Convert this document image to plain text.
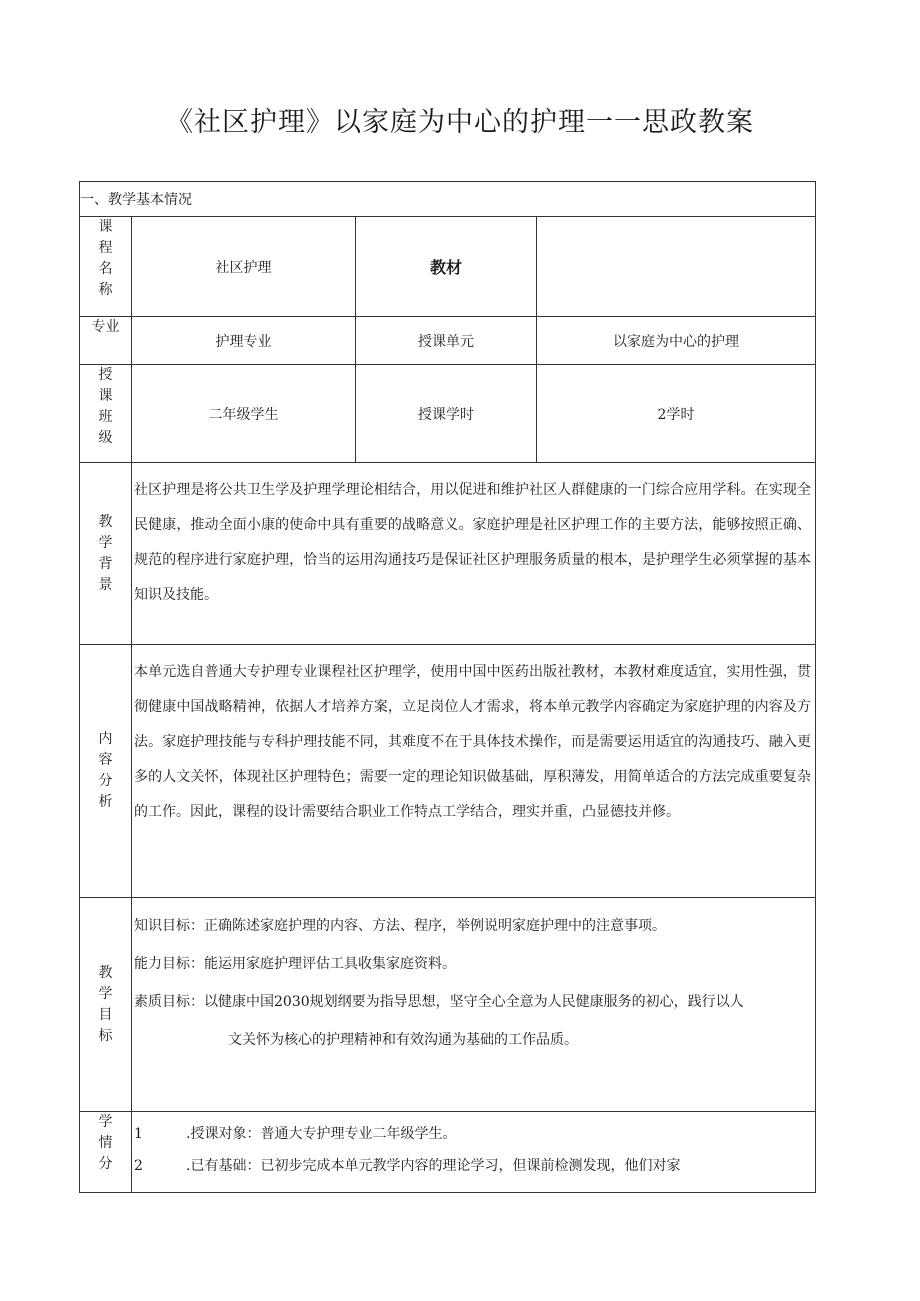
《社区护理》以家庭为中心的护理一一思政教案
一、教学基本情况			

课程名称	社区护理	教材	
专业	护理专业	授课单元	以家庭为中心的护理

授课班级	二年级学生	授课学时	2学时

教学背景	社区护理是将公共卫生学及护理学理论相结合，用以促进和维护社区人群健康的一门综合应用学科。在实现全民健康，推动全面小康的使命中具有重要的战略意义。家庭护理是社区护理工作的主要方法，能够按照正确、规范的程序进行家庭护理，恰当的运用沟通技巧是保证社区护理服务质量的根本，是护理学生必须掌握的基本知识及技能。		

内容分析	本单元选自普通大专护理专业课程社区护理学，使用中国中医药出版社教材，本教材难度适宜，实用性强，贯彻健康中国战略精神，依据人才培养方案，立足岗位人才需求，将本单元教学内容确定为家庭护理的内容及方法。家庭护理技能与专科护理技能不同，其难度不在于具体技术操作，而是需要运用适宜的沟通技巧、融入更多的人文关怀，体现社区护理特色；需要一定的理论知识做基础，厚积薄发，用简单适合的方法完成重要复杂的工作。因此，课程的设计需要结合职业工作特点工学结合，理实并重，凸显德技并修。		

教学目标	知识目标：正确陈述家庭护理的内容、方法、程序，举例说明家庭护理中的注意事项。

能力目标：能运用家庭护理评估工具收集家庭资料。

素质目标：以健康中国2030规划纲要为指导思想，坚守全心全意为人民健康服务的初心，践行以人

文关怀为核心的护理精神和有效沟通为基础的工作品质。		

学情分	1 .授课对象：普通大专护理专业二年级学生。
2 .已有基础：已初步完成本单元教学内容的理论学习，但课前检测发现，他们对家		
